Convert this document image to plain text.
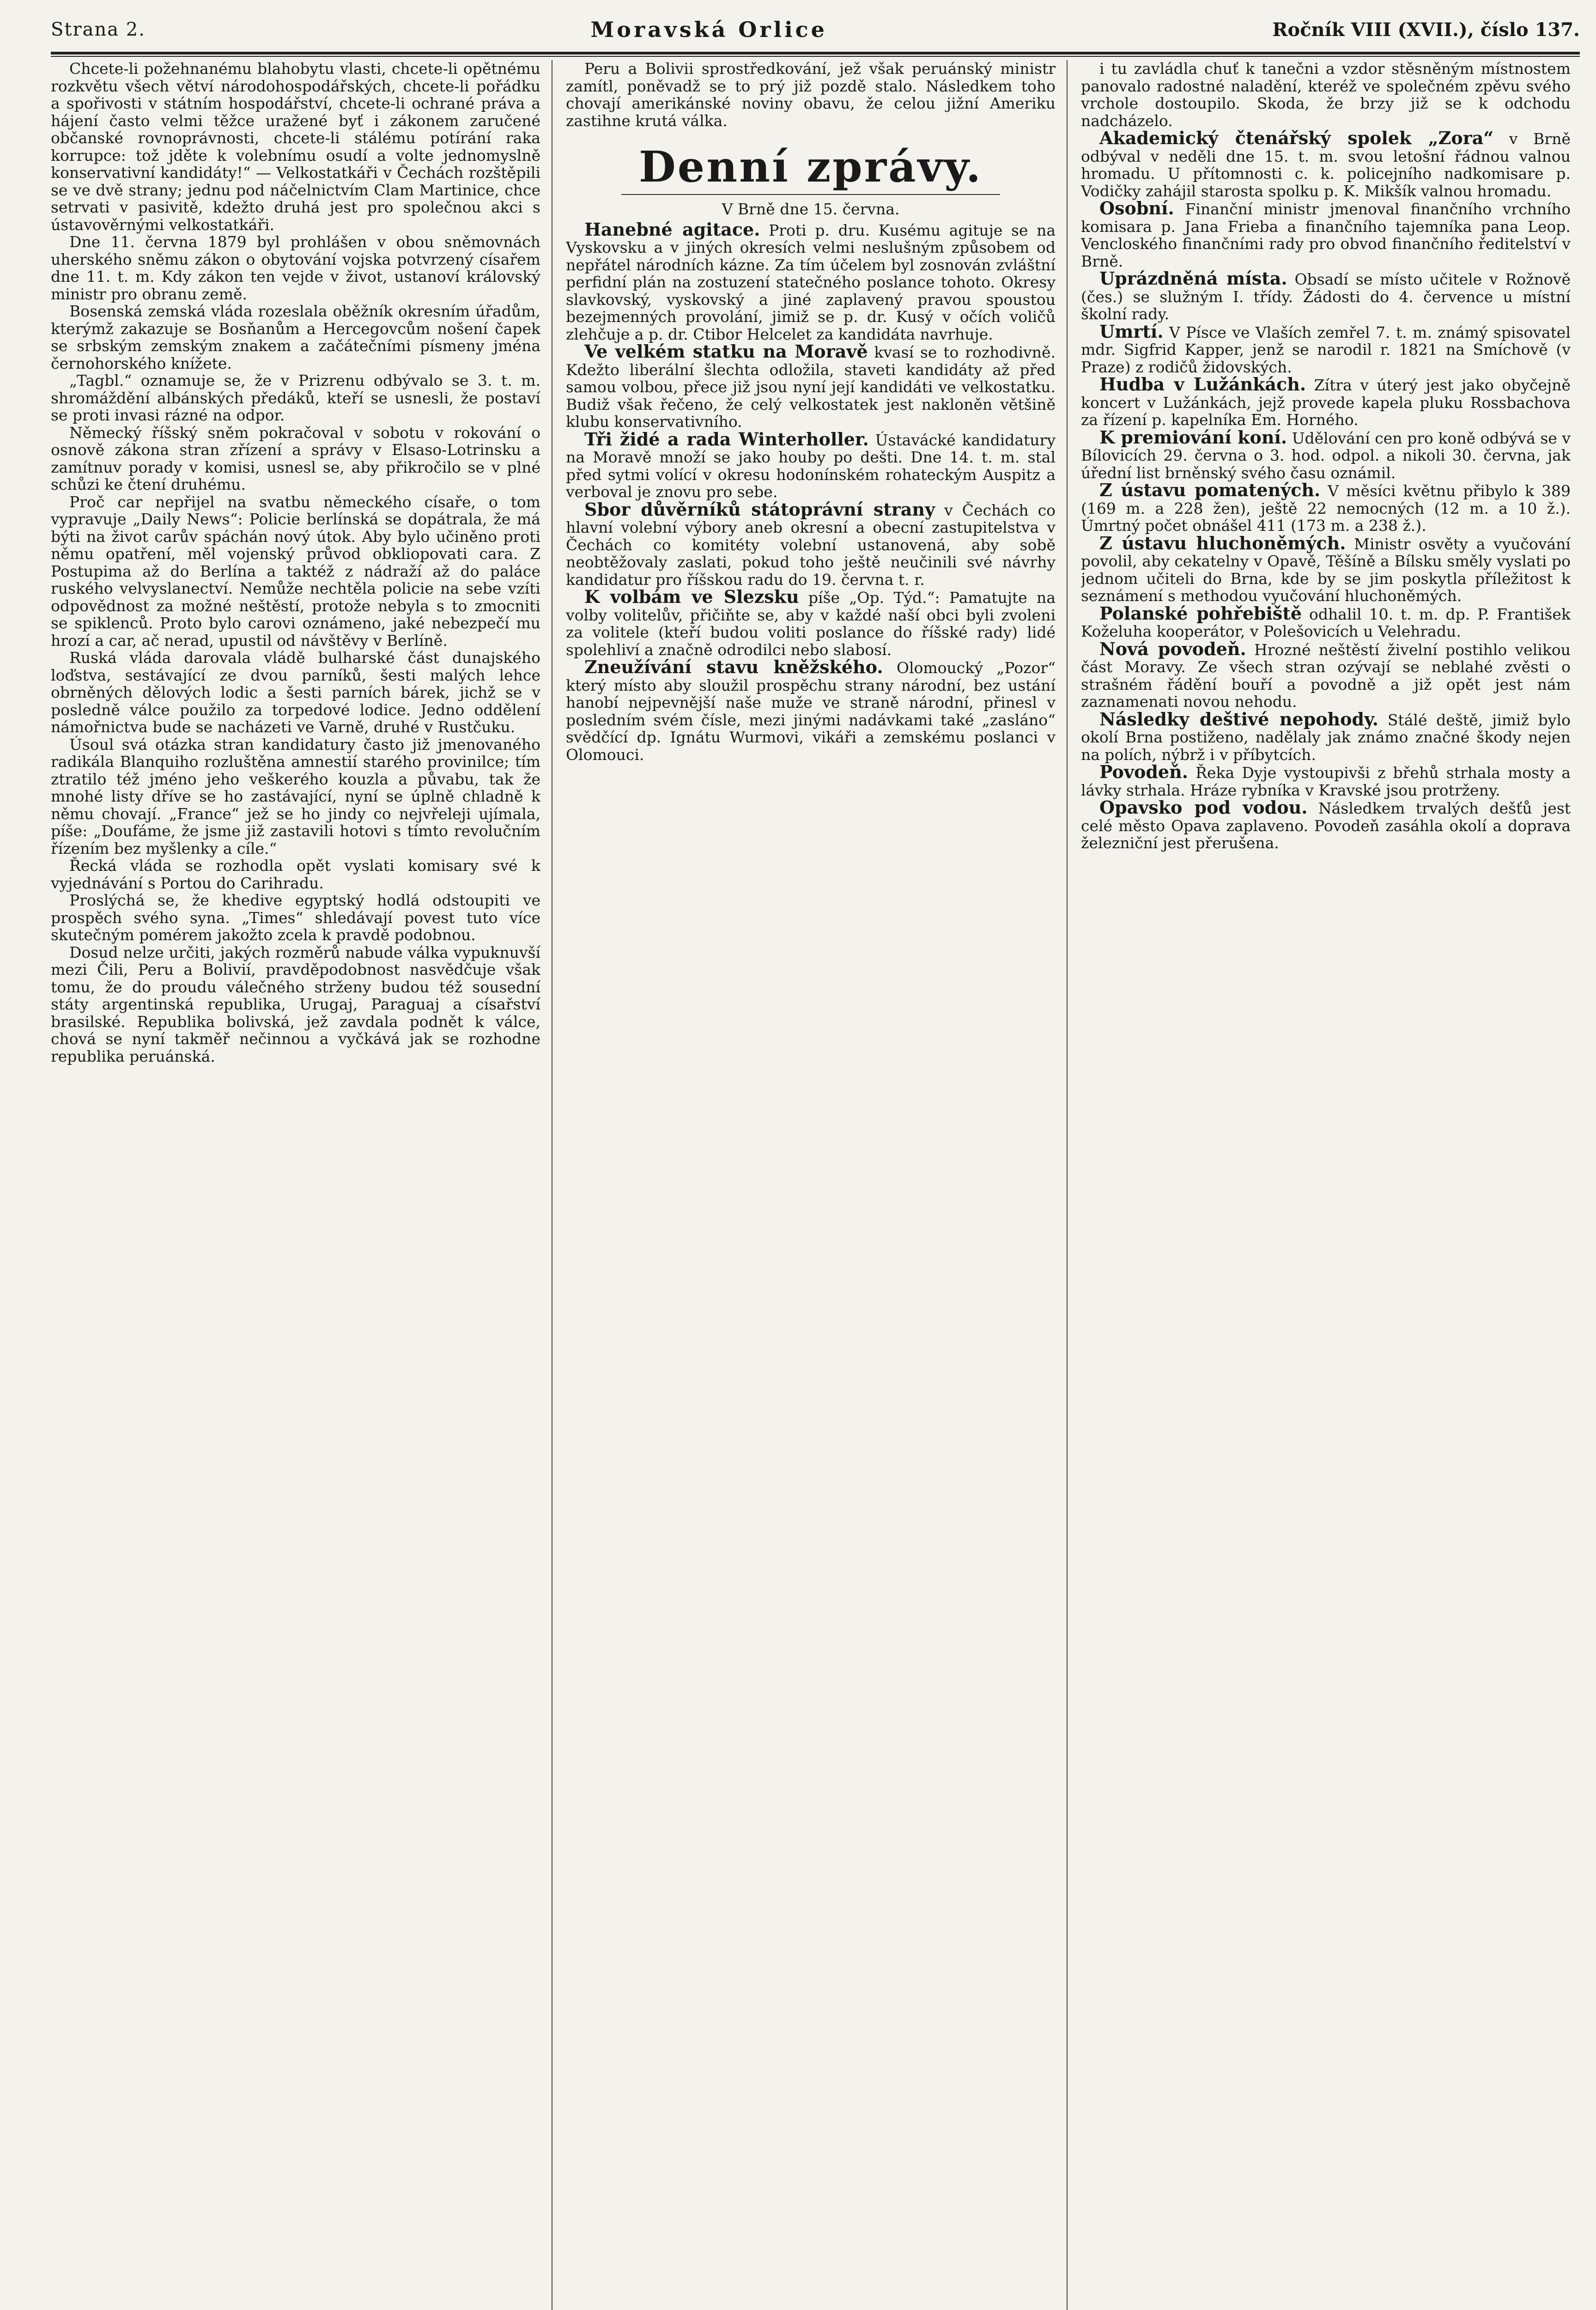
Strana 2.	Moravská Orlice	Ročník VIII (XVII.), číslo 137.

Chcete-li požehnanému blahobytu vlasti, chcete-li opětnému rozkvětu všech větví národohospodářských, chcete-li pořádku a spořivosti v státním hospodářství, chcete-li ochrané práva a hájení často velmi těžce uražené byť i zákonem zaručené občanské rovnoprávnosti, chcete-li stálému potírání raka korrupce: tož jděte k volebnímu osudí a volte jednomyslně konservativní kandidáty!“ — Velkostatkáři v Čechách rozštěpili se ve dvě strany; jednu pod náčelnictvím Clam Martinice, chce setrvati v pasivitě, kdežto druhá jest pro společnou akci s ústavověrnými velkostatkáři.

Dne 11. června 1879 byl prohlášen v obou sněmovnách uherského sněmu zákon o obytování vojska potvrzený císařem dne 11. t. m. Kdy zákon ten vejde v život, ustanoví královský ministr pro obranu země.

Bosenská zemská vláda rozeslala oběžník okresním úřadům, kterýmž zakazuje se Bosňanům a Hercegovcům nošení čapek se srbským zemským znakem a začátečními písmeny jména černohorského knížete.

„Tagbl.“ oznamuje se, že v Prizrenu odbývalo se 3. t. m. shromáždění albánských předáků, kteří se usnesli, že postaví se proti invasi rázné na odpor.

Německý říšský sněm pokračoval v sobotu v rokování o osnově zákona stran zřízení a správy v Elsaso-Lotrinsku a zamítnuv porady v komisi, usnesl se, aby přikročilo se v plné schůzi ke čtení druhému.

Proč car nepřijel na svatbu německého císaře, o tom vypravuje „Daily News“: Policie berlínská se dopátrala, že má býti na život carův spáchán nový útok. Aby bylo učiněno proti němu opatření, měl vojenský průvod obkliopovati cara. Z Postupima až do Berlína a taktéž z nádraží až do paláce ruského velvyslanectví. Nemůže nechtěla policie na sebe vzíti odpovědnost za možné neštěstí, protože nebyla s to zmocniti se spiklenců. Proto bylo carovi oznámeno, jaké nebezpečí mu hrozí a car, ač nerad, upustil od návštěvy v Berlíně.

Ruská vláda darovala vládě bulharské část dunajského loďstva, sestávající ze dvou parníků, šesti malých lehce obrněných dělových lodic a šesti parních bárek, jichž se v posledně válce použilo za torpedové lodice. Jedno oddělení námořnictva bude se nacházeti ve Varně, druhé v Rustčuku.

Úsoul svá otázka stran kandidatury často již jmenovaného radikála Blanquiho rozluštěna amnestií starého provinilce; tím ztratilo též jméno jeho veškerého kouzla a půvabu, tak že mnohé listy dříve se ho zastávající, nyní se úplně chladně k němu chovají. „France“ jež se ho jindy co nejvřeleji ujímala, píše: „Doufáme, že jsme již zastavili hotovi s tímto revolučním řízením bez myšlenky a cíle.“

Řecká vláda se rozhodla opět vyslati komisary své k vyjednávání s Portou do Carihradu.

Proslýchá se, že khedive egyptský hodlá odstoupiti ve prospěch svého syna. „Times“ shledávají povest tuto více skutečným pomérem jakožto zcela k pravdě podobnou.

Dosud nelze určiti, jakých rozměrů nabude válka vypuknuvší mezi Čili, Peru a Bolivií, pravděpodobnost nasvědčuje však tomu, že do proudu válečného strženy budou též sousední státy argentinská republika, Urugaj, Paraguaj a císařství brasilské. Republika bolivská, jež zavdala podnět k válce, chová se nyní takměř nečinnou a vyčkává jak se rozhodne republika peruánská.

Peru a Bolivii sprostředkování, jež však peruánský ministr zamítl, poněvadž se to prý již pozdě stalo. Následkem toho chovají amerikánské noviny obavu, že celou jižní Ameriku zastihne krutá válka.

Denní zprávy.
V Brně dne 15. června.

Hanebné agitace. Proti p. dru. Kusému agituje se na Vyskovsku a v jiných okresích velmi neslušným způsobem od nepřátel národních kázne. Za tím účelem byl zosnován zvláštní perfidní plán na zostuzení statečného poslance tohoto. Okresy slavkovský, vyskovský a jiné zaplavený pravou spoustou bezejmenných provolání, jimiž se p. dr. Kusý v očích voličů zlehčuje a p. dr. Ctibor Helcelet za kandidáta navrhuje.

Ve velkém statku na Moravě kvasí se to rozhodivně. Kdežto liberální šlechta odložila, staveti kandidáty až před samou volbou, přece již jsou nyní její kandidáti ve velkostatku. Budiž však řečeno, že celý velkostatek jest nakloněn většině klubu konservativního.

Tři židé a rada Winterholler. Ústavácké kandidatury na Moravě množí se jako houby po dešti. Dne 14. t. m. stal před sytmi volící v okresu hodonínském rohateckým Auspitz a verboval je znovu pro sebe.

Sbor důvěrníků státoprávní strany v Čechách co hlavní volební výbory aneb okresní a obecní zastupitelstva v Čechách co komitéty volební ustanovená, aby sobě neobtěžovaly zaslati, pokud toho ještě neučinili své návrhy kandidatur pro říšskou radu do 19. června t. r.

K volbám ve Slezsku píše „Op. Týd.“: Pamatujte na volby volitelův, přičiňte se, aby v každé naší obci byli zvoleni za volitele (kteří budou voliti poslance do říšské rady) lidé spolehliví a značně odrodilci nebo slabosí.

Zneužívání stavu kněžského. Olomoucký „Pozor“ který místo aby sloužil prospěchu strany národní, bez ustání hanobí nejpevnější naše muže ve straně národní, přinesl v posledním svém čísle, mezi jinými nadávkami také „zasláno“ svědčící dp. Ignátu Wurmovi, vikáři a zemskému poslanci v Olomouci.

i tu zavládla chuť k tanečni a vzdor stěsněným místnostem panovalo radostné naladění, kteréž ve společném zpěvu svého vrchole dostoupilo. Skoda, že brzy již se k odchodu nadcházelo.

Akademický čtenářský spolek „Zora“ v Brně odbýval v neděli dne 15. t. m. svou letošní řádnou valnou hromadu. U přítomnosti c. k. policejního nadkomisare p. Vodičky zahájil starosta spolku p. K. Mikšík valnou hromadu.

Osobní. Finanční ministr jmenoval finančního vrchního komisara p. Jana Frieba a finančního tajemníka pana Leop. Vencloského finančními rady pro obvod finančního ředitelství v Brně.

Uprázdněná místa. Obsadí se místo učitele v Rožnově (čes.) se služným I. třídy. Žádosti do 4. července u místní školní rady.

Umrtí. V Písce ve Vlaších zemřel 7. t. m. známý spisovatel mdr. Sigfrid Kapper, jenž se narodil r. 1821 na Smíchově (v Praze) z rodičů židovských.

Hudba v Lužánkách. Zítra v úterý jest jako obyčejně koncert v Lužánkách, jejž provede kapela pluku Rossbachova za řízení p. kapelníka Em. Horného.

K premiování koní. Udělování cen pro koně odbývá se v Bílovicích 29. června o 3. hod. odpol. a nikoli 30. června, jak úřední list brněnský svého času oznámil.

Z ústavu pomatených. V měsíci květnu přibylo k 389 (169 m. a 228 žen), ještě 22 nemocných (12 m. a 10 ž.). Úmrtný počet obnášel 411 (173 m. a 238 ž.).

Z ústavu hluchoněmých. Ministr osvěty a vyučování povolil, aby cekatelny v Opavě, Těšíně a Bílsku směly vyslati po jednom učiteli do Brna, kde by se jim poskytla příležitost k seznámení s methodou vyučování hluchoněmých.

Polanské pohřebiště odhalil 10. t. m. dp. P. František Koželuha kooperátor, v Polešovicích u Velehradu.

Nová povodeň. Hrozné neštěstí živelní postihlo velikou část Moravy. Ze všech stran ozývají se neblahé zvěsti o strašném řádění bouří a povodně a již opět jest nám zaznamenati novou nehodu.

Následky deštivé nepohody. Stálé deště, jimiž bylo okolí Brna postiženo, nadělaly jak známo značné škody nejen na polích, nýbrž i v příbytcích.

Povodeň. Řeka Dyje vystoupivši z břehů strhala mosty a lávky strhala. Hráze rybníka v Kravské jsou protrženy.

Opavsko pod vodou. Následkem trvalých dešťů jest celé město Opava zaplaveno. Povodeň zasáhla okolí a doprava železniční jest přerušena.
